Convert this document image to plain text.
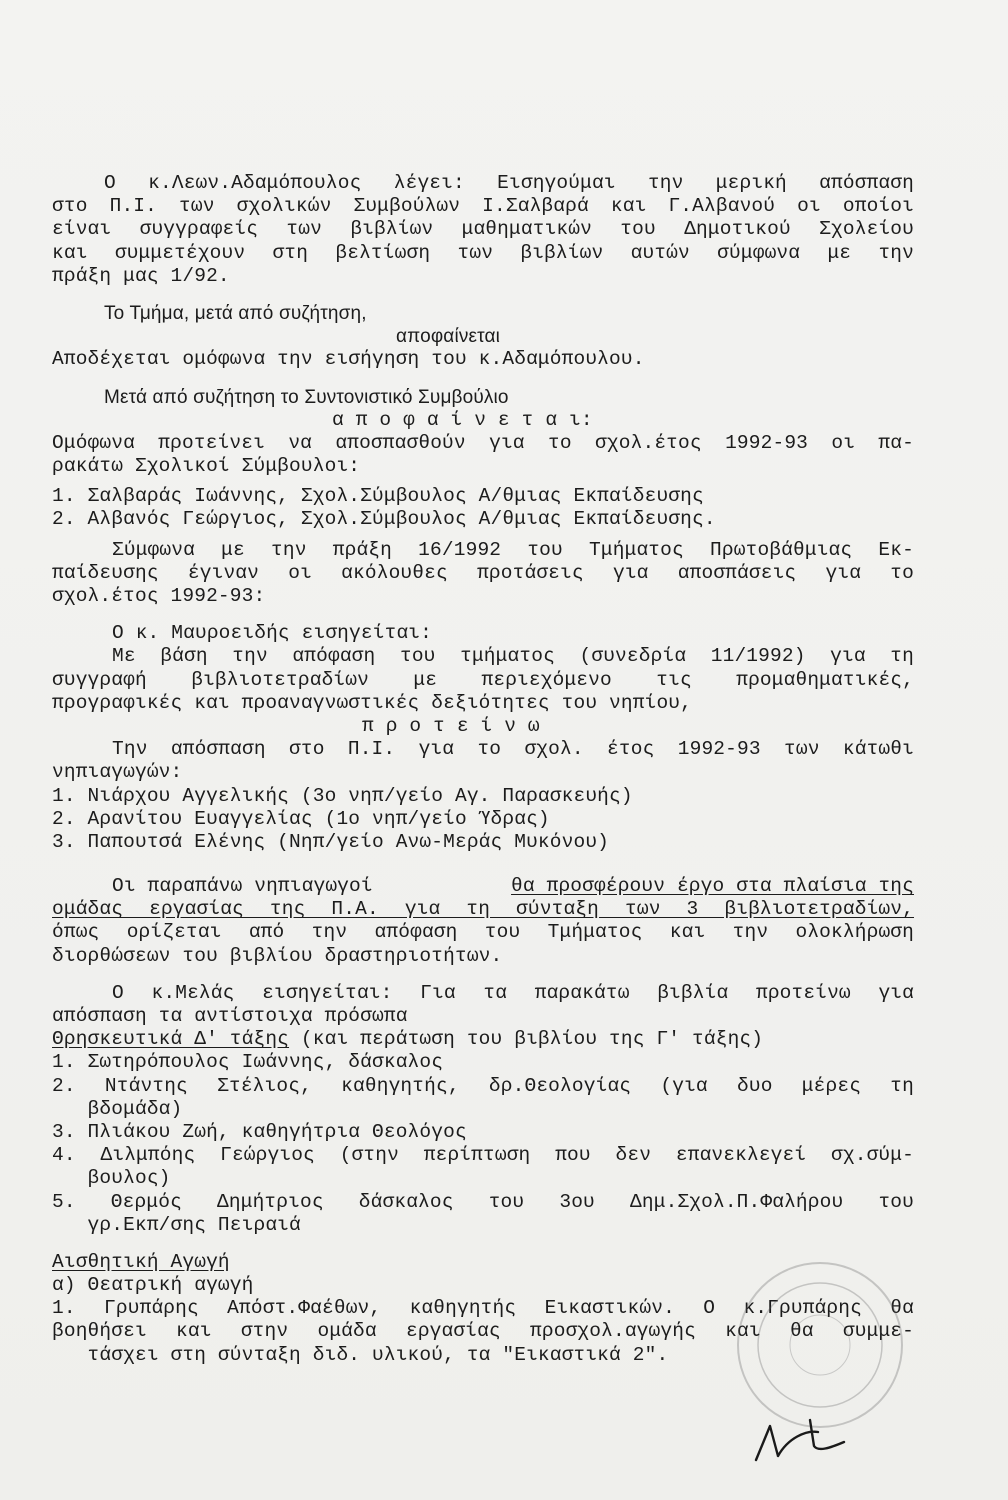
Ο κ.Λεων.Αδαμόπουλος λέγει: Εισηγούμαι την μερική απόσπαση
στο Π.Ι. των σχολικών Συμβούλων Ι.Σαλβαρά και Γ.Αλβανού οι οποίοι
είναι συγγραφείς των βιβλίων μαθηματικών του Δημοτικού Σχολείου
και συμμετέχουν στη βελτίωση των βιβλίων αυτών σύμφωνα με την
πράξη μας 1/92.
Το Τμήμα, μετά από συζήτηση,
αποφαίνεται
Αποδέχεται ομόφωνα την εισήγηση του κ.Αδαμόπουλου.
Μετά από συζήτηση το Συντονιστικό Συμβούλιο
α π ο φ α ί ν ε τ α ι:
Ομόφωνα προτείνει να αποσπασθούν για το σχολ.έτος 1992-93 οι πα-
ρακάτω Σχολικοί Σύμβουλοι:
1. Σαλβαράς Ιωάννης, Σχολ.Σύμβουλος Α/θμιας Εκπαίδευσης
2. Αλβανός Γεώργιος, Σχολ.Σύμβουλος Α/θμιας Εκπαίδευσης.
Σύμφωνα με την πράξη 16/1992 του Τμήματος Πρωτοβάθμιας Εκ-
παίδευσης έγιναν οι ακόλουθες προτάσεις για αποσπάσεις για το
σχολ.έτος 1992-93:
Ο κ. Μαυροειδής εισηγείται:
Με βάση την απόφαση του τμήματος (συνεδρία 11/1992) για τη
συγγραφή βιβλιοτετραδίων με περιεχόμενο τις προμαθηματικές,
προγραφικές και προαναγνωστικές δεξιότητες του νηπίου,
π ρ ο τ ε ί ν ω
Την απόσπαση στο Π.Ι. για το σχολ. έτος 1992-93 των κάτωθι
νηπιαγωγών:
1. Νιάρχου Αγγελικής (3ο νηπ/γείο Αγ. Παρασκευής)
2. Αρανίτου Ευαγγελίας (1ο νηπ/γείο Ύδρας)
3. Παπουτσά Ελένης (Νηπ/γείο Ανω-Μεράς Μυκόνου)
Οι παραπάνω νηπιαγωγοί	θα προσφέρουν έργο στα πλαίσια της
ομάδας εργασίας της Π.Α. για τη σύνταξη των 3 βιβλιοτετραδίων,
όπως ορίζεται από την απόφαση του Τμήματος και την ολοκλήρωση
διορθώσεων του βιβλίου δραστηριοτήτων.
Ο κ.Μελάς εισηγείται: Για τα παρακάτω βιβλία προτείνω για
απόσπαση τα αντίστοιχα πρόσωπα
Θρησκευτικά Δ' τάξης (και περάτωση του βιβλίου της Γ' τάξης)
1. Σωτηρόπουλος Ιωάννης, δάσκαλος
2. Ντάντης Στέλιος, καθηγητής, δρ.Θεολογίας (για δυο μέρες τη
βδομάδα)
3. Πλιάκου Ζωή, καθηγήτρια Θεολόγος
4. Διλμπόης Γεώργιος (στην περίπτωση που δεν επανεκλεγεί σχ.σύμ-
βουλος)
5. Θερμός Δημήτριος δάσκαλος του 3ου Δημ.Σχολ.Π.Φαλήρου του
γρ.Εκπ/σης Πειραιά
Αισθητική Αγωγή
α) Θεατρική αγωγή
1. Γρυπάρης Απόστ.Φαέθων, καθηγητής Εικαστικών. Ο κ.Γρυπάρης θα
βοηθήσει και στην ομάδα εργασίας προσχολ.αγωγής και θα συμμε-
τάσχει στη σύνταξη διδ. υλικού, τα "Εικαστικά 2".
